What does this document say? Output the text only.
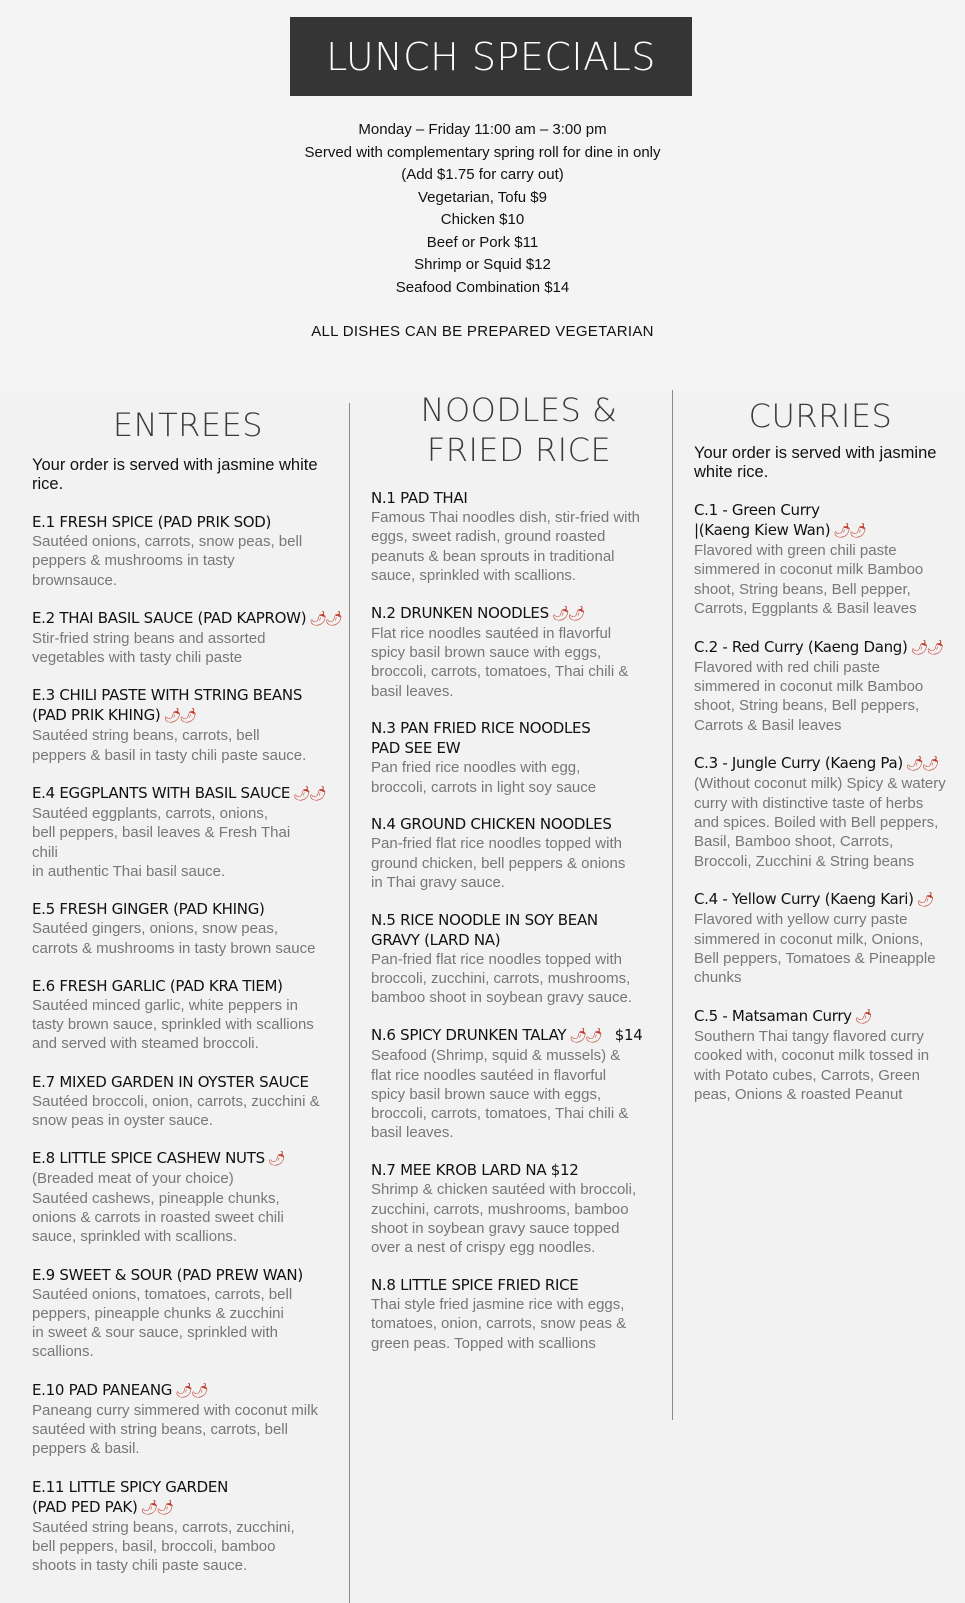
LUNCH SPECIALS
Monday – Friday 11:00 am – 3:00 pm
Served with complementary spring roll for dine in only
(Add $1.75 for carry out)
Vegetarian, Tofu $9
Chicken $10
Beef or Pork $11
Shrimp or Squid $12
Seafood Combination $14
ALL DISHES CAN BE PREPARED VEGETARIAN
ENTREES
Your order is served with jasmine white rice.
E.1 FRESH SPICE (PAD PRIK SOD)
Sautéed onions, carrots, snow peas, bell
peppers & mushrooms in tasty
brownsauce.
E.2 THAI BASIL SAUCE (PAD KAPROW) 🌶🌶
Stir-fried string beans and assorted
vegetables with tasty chili paste
E.3 CHILI PASTE WITH STRING BEANS
(PAD PRIK KHING) 🌶🌶
Sautéed string beans, carrots, bell
peppers & basil in tasty chili paste sauce.
E.4 EGGPLANTS WITH BASIL SAUCE 🌶🌶
Sautéed eggplants, carrots, onions,
bell peppers, basil leaves & Fresh Thai
chili
in authentic Thai basil sauce.
E.5 FRESH GINGER (PAD KHING)
Sautéed gingers, onions, snow peas,
carrots & mushrooms in tasty brown sauce
E.6 FRESH GARLIC (PAD KRA TIEM)
Sautéed minced garlic, white peppers in
tasty brown sauce, sprinkled with scallions
and served with steamed broccoli.
E.7 MIXED GARDEN IN OYSTER SAUCE
Sautéed broccoli, onion, carrots, zucchini &
snow peas in oyster sauce.
E.8 LITTLE SPICE CASHEW NUTS 🌶
(Breaded meat of your choice)
Sautéed cashews, pineapple chunks,
onions & carrots in roasted sweet chili
sauce, sprinkled with scallions.
E.9 SWEET & SOUR (PAD PREW WAN)
Sautéed onions, tomatoes, carrots, bell
peppers, pineapple chunks & zucchini
in sweet & sour sauce, sprinkled with
scallions.
E.10 PAD PANEANG 🌶🌶
Paneang curry simmered with coconut milk
sautéed with string beans, carrots, bell
peppers & basil.
E.11 LITTLE SPICY GARDEN
(PAD PED PAK) 🌶🌶
Sautéed string beans, carrots, zucchini,
bell peppers, basil, broccoli, bamboo
shoots in tasty chili paste sauce.
NOODLES &
FRIED RICE
N.1 PAD THAI
Famous Thai noodles dish, stir-fried with
eggs, sweet radish, ground roasted
peanuts & bean sprouts in traditional
sauce, sprinkled with scallions.
N.2 DRUNKEN NOODLES 🌶🌶
Flat rice noodles sautéed in flavorful
spicy basil brown sauce with eggs,
broccoli, carrots, tomatoes, Thai chili &
basil leaves.
N.3 PAN FRIED RICE NOODLES
PAD SEE EW
Pan fried rice noodles with egg,
broccoli, carrots in light soy sauce
N.4 GROUND CHICKEN NOODLES
Pan-fried flat rice noodles topped with
ground chicken, bell peppers & onions
in Thai gravy sauce.
N.5 RICE NOODLE IN SOY BEAN
GRAVY (LARD NA)
Pan-fried flat rice noodles topped with
broccoli, zucchini, carrots, mushrooms,
bamboo shoot in soybean gravy sauce.
N.6 SPICY DRUNKEN TALAY 🌶🌶 $14
Seafood (Shrimp, squid & mussels) &
flat rice noodles sautéed in flavorful
spicy basil brown sauce with eggs,
broccoli, carrots, tomatoes, Thai chili &
basil leaves.
N.7 MEE KROB LARD NA $12
Shrimp & chicken sautéed with broccoli,
zucchini, carrots, mushrooms, bamboo
shoot in soybean gravy sauce topped
over a nest of crispy egg noodles.
N.8 LITTLE SPICE FRIED RICE
Thai style fried jasmine rice with eggs,
tomatoes, onion, carrots, snow peas &
green peas. Topped with scallions
CURRIES
Your order is served with jasmine
white rice.
C.1 - Green Curry
|(Kaeng Kiew Wan) 🌶🌶
Flavored with green chili paste
simmered in coconut milk Bamboo
shoot, String beans, Bell pepper,
Carrots, Eggplants & Basil leaves
C.2 - Red Curry (Kaeng Dang) 🌶🌶
Flavored with red chili paste
simmered in coconut milk Bamboo
shoot, String beans, Bell peppers,
Carrots & Basil leaves
C.3 - Jungle Curry (Kaeng Pa) 🌶🌶
(Without coconut milk) Spicy & watery
curry with distinctive taste of herbs
and spices. Boiled with Bell peppers,
Basil, Bamboo shoot, Carrots,
Broccoli, Zucchini & String beans
C.4 - Yellow Curry (Kaeng Kari) 🌶
Flavored with yellow curry paste
simmered in coconut milk, Onions,
Bell peppers, Tomatoes & Pineapple
chunks
C.5 - Matsaman Curry 🌶
Southern Thai tangy flavored curry
cooked with, coconut milk tossed in
with Potato cubes, Carrots, Green
peas, Onions & roasted Peanut
